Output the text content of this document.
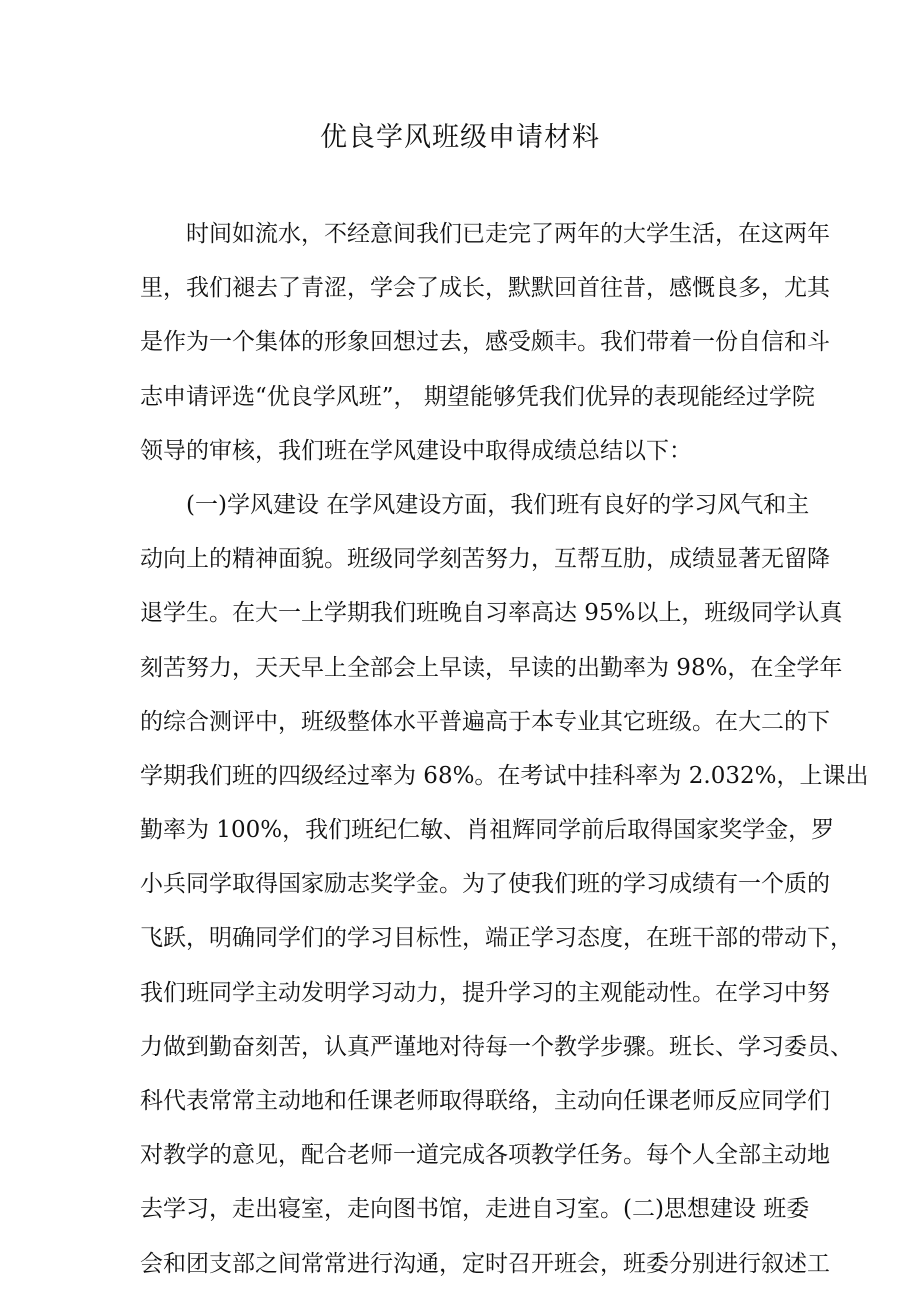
优良学风班级申请材料
时间如流水，不经意间我们已走完了两年的大学生活，在这两年
里，我们褪去了青涩，学会了成长，默默回首往昔，感慨良多，尤其
是作为一个集体的形象回想过去，感受颇丰。我们带着一份自信和斗
志申请评选“优良学风班”， 期望能够凭我们优异的表现能经过学院
领导的审核，我们班在学风建设中取得成绩总结以下：
(一)学风建设 在学风建设方面，我们班有良好的学习风气和主
动向上的精神面貌。班级同学刻苦努力，互帮互肋，成绩显著无留降
退学生。在大一上学期我们班晚自习率高达 95%以上，班级同学认真
刻苦努力，天天早上全部会上早读，早读的出勤率为 98%，在全学年
的综合测评中，班级整体水平普遍高于本专业其它班级。在大二的下
学期我们班的四级经过率为 68%。在考试中挂科率为 2.032%，上课出
勤率为 100%，我们班纪仁敏、肖祖辉同学前后取得国家奖学金，罗
小兵同学取得国家励志奖学金。为了使我们班的学习成绩有一个质的
飞跃，明确同学们的学习目标性，端正学习态度，在班干部的带动下，
我们班同学主动发明学习动力，提升学习的主观能动性。在学习中努
力做到勤奋刻苦，认真严谨地对待每一个教学步骤。班长、学习委员、
科代表常常主动地和任课老师取得联络，主动向任课老师反应同学们
对教学的意见，配合老师一道完成各项教学任务。每个人全部主动地
去学习，走出寝室，走向图书馆，走进自习室。(二)思想建设 班委
会和团支部之间常常进行沟通，定时召开班会，班委分别进行叙述工
